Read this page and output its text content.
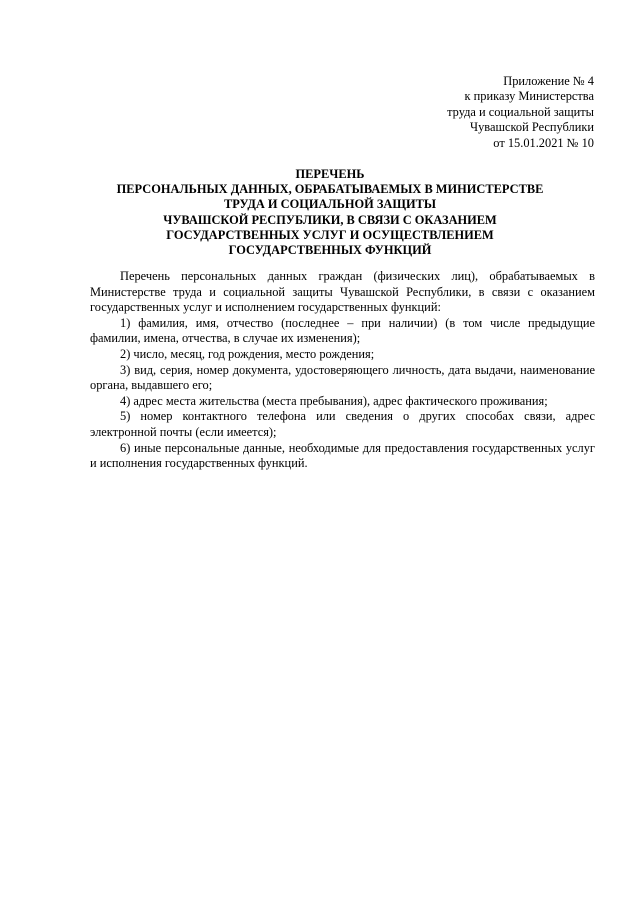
Приложение № 4
к приказу Министерства
труда и социальной защиты
Чувашской Республики
от 15.01.2021 № 10
ПЕРЕЧЕНЬ
ПЕРСОНАЛЬНЫХ ДАННЫХ, ОБРАБАТЫВАЕМЫХ В МИНИСТЕРСТВЕ
ТРУДА И СОЦИАЛЬНОЙ ЗАЩИТЫ
ЧУВАШСКОЙ РЕСПУБЛИКИ, В СВЯЗИ С ОКАЗАНИЕМ
ГОСУДАРСТВЕННЫХ УСЛУГ И ОСУЩЕСТВЛЕНИЕМ
ГОСУДАРСТВЕННЫХ ФУНКЦИЙ

Перечень персональных данных граждан (физических лиц), обрабатываемых в Министерстве труда и социальной защиты Чувашской Республики, в связи с оказанием государственных услуг и исполнением государственных функций:

1) фамилия, имя, отчество (последнее – при наличии) (в том числе предыдущие фамилии, имена, отчества, в случае их изменения);

2) число, месяц, год рождения, место рождения;

3) вид, серия, номер документа, удостоверяющего личность, дата выдачи, наименование органа, выдавшего его;

4) адрес места жительства (места пребывания), адрес фактического проживания;

5) номер контактного телефона или сведения о других способах связи, адрес электронной почты (если имеется);

6) иные персональные данные, необходимые для предоставления государственных услуг и исполнения государственных функций.
